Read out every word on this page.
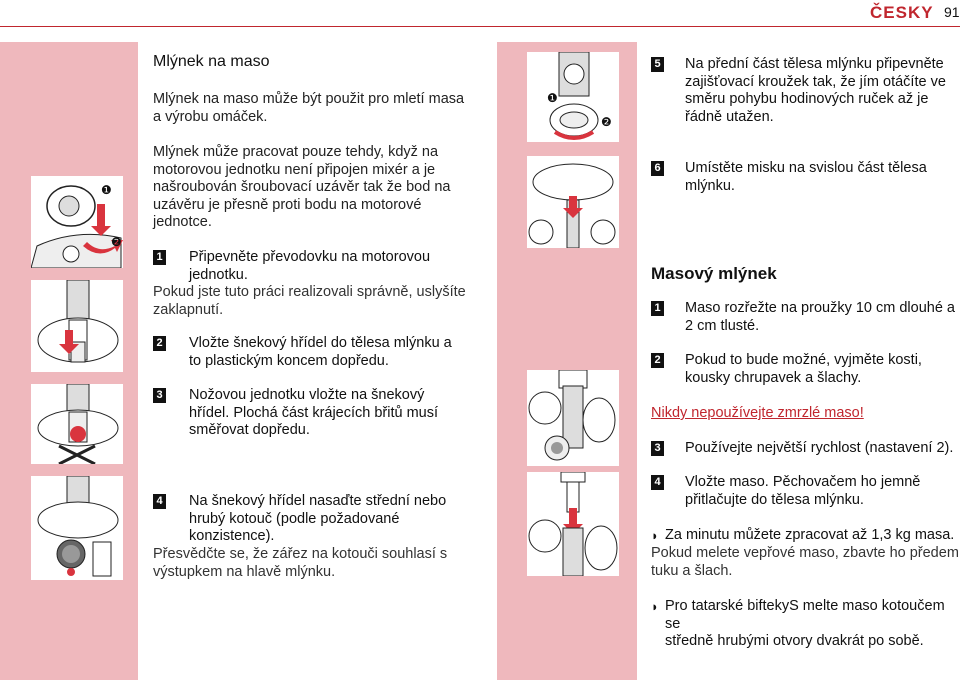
ČESKY 91
❶
❷
❶
❷
Mlýnek na maso
Mlýnek na maso může být použit pro mletí masa
a výrobu omáček.
Mlýnek může pracovat pouze tehdy, když na
motorovou jednotku není připojen mixér a je
našroubován šroubovací uzávěr tak že bod na
uzávěru je přesně proti bodu na motorové
jednotce.
1 Připevněte převodovku na motorovou
jednotku.
Pokud jste tuto práci realizovali správně, uslyšíte
zaklapnutí.
2 Vložte šnekový hřídel do tělesa mlýnku a
to plastickým koncem dopředu.
3 Nožovou jednotku vložte na šnekový
hřídel. Plochá část krájecích břitů musí
směřovat dopředu.
4 Na šnekový hřídel nasaďte střední nebo
hrubý kotouč (podle požadované
konzistence).
Přesvědčte se, že zářez na kotouči souhlasí s
výstupkem na hlavě mlýnku.
5 Na přední část tělesa mlýnku připevněte
zajišťovací kroužek tak, že jím otáčíte ve
směru pohybu hodinových ruček až je
řádně utažen.
6 Umístěte misku na svislou část tělesa
mlýnku.
Masový mlýnek
1 Maso rozřežte na proužky 10 cm dlouhé a
2 cm tlusté.
2 Pokud to bude možné, vyjměte kosti,
kousky chrupavek a šlachy.
Nikdy nepoužívejte zmrzlé maso!
3 Používejte největší rychlost (nastavení 2).
4 Vložte maso. Pěchovačem ho jemně
přitlačujte do tělesa mlýnku.
◗ Za minutu můžete zpracovat až 1,3 kg masa.
Pokud melete vepřové maso, zbavte ho předem
tuku a šlach.
◗ Pro tatarské biftekyS melte maso kotoučem se
středně hrubými otvory dvakrát po sobě.
